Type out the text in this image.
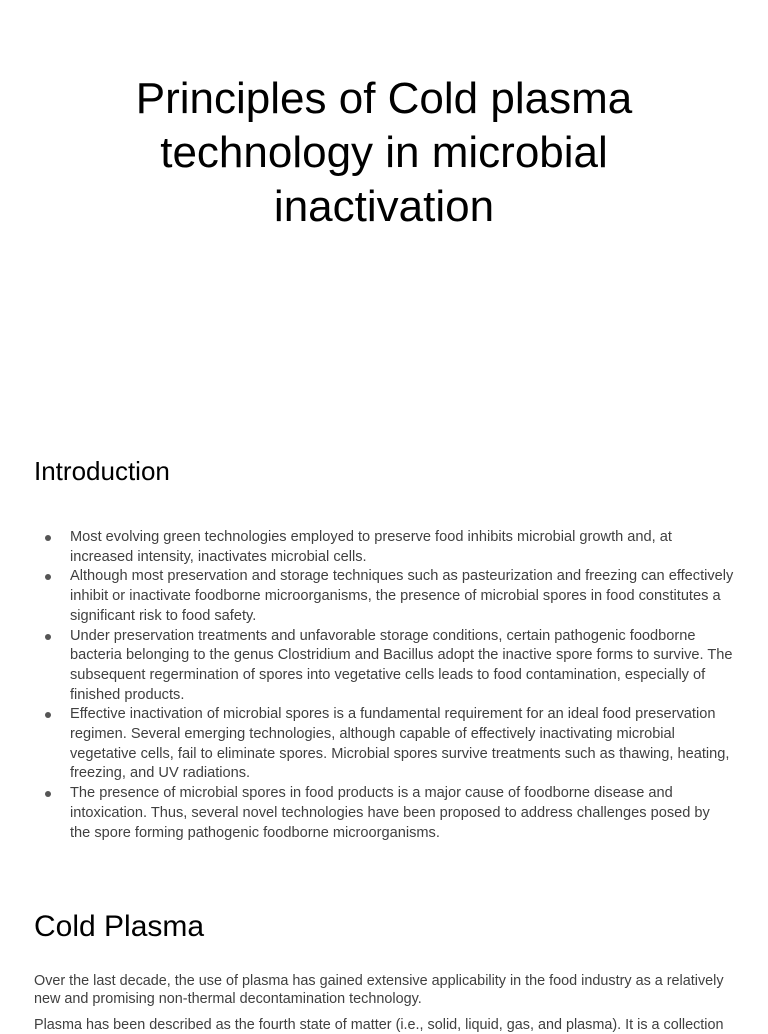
Principles of Cold plasma technology in microbial inactivation
Introduction
Most evolving green technologies employed to preserve food inhibits microbial growth and, at increased intensity, inactivates microbial cells.
Although most preservation and storage techniques such as pasteurization and freezing can effectively inhibit or inactivate foodborne microorganisms, the presence of microbial spores in food constitutes a significant risk to food safety.
Under preservation treatments and unfavorable storage conditions, certain pathogenic foodborne bacteria belonging to the genus Clostridium and Bacillus adopt the inactive spore forms to survive. The subsequent regermination of spores into vegetative cells leads to food contamination, especially of finished products.
Effective inactivation of microbial spores is a fundamental requirement for an ideal food preservation regimen. Several emerging technologies, although capable of effectively inactivating microbial vegetative cells, fail to eliminate spores. Microbial spores survive treatments such as thawing, heating, freezing, and UV radiations.
The presence of microbial spores in food products is a major cause of foodborne disease and intoxication. Thus, several novel technologies have been proposed to address challenges posed by the spore forming pathogenic foodborne microorganisms.
Cold Plasma

Over the last decade, the use of plasma has gained extensive applicability in the food industry as a relatively new and promising non-thermal decontamination technology.

Plasma has been described as the fourth state of matter (i.e., solid, liquid, gas, and plasma). It is a collection
